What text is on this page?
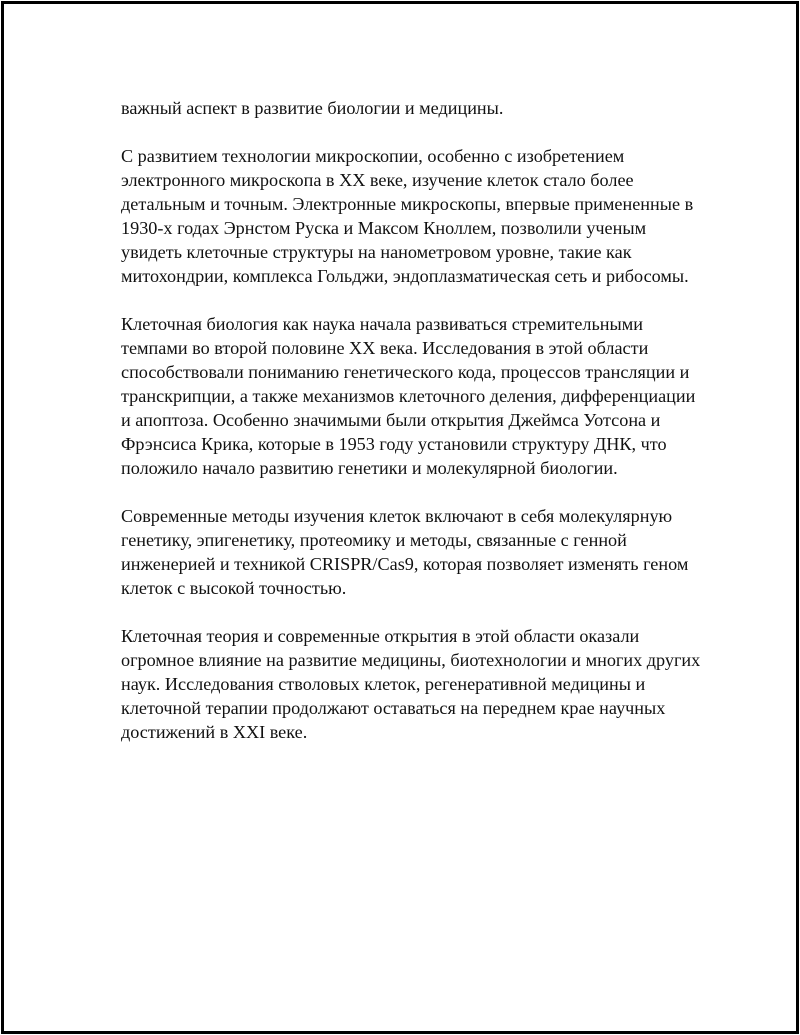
важный аспект в развитие биологии и медицины.

С развитием технологии микроскопии, особенно с изобретением электронного микроскопа в XX веке, изучение клеток стало более детальным и точным. Электронные микроскопы, впервые примененные в 1930-х годах Эрнстом Руска и Максом Кноллем, позволили ученым увидеть клеточные структуры на нанометровом уровне, такие как митохондрии, комплекса Гольджи, эндоплазматическая сеть и рибосомы.

Клеточная биология как наука начала развиваться стремительными темпами во второй половине XX века. Исследования в этой области способствовали пониманию генетического кода, процессов трансляции и транскрипции, а также механизмов клеточного деления, дифференциации и апоптоза. Особенно значимыми были открытия Джеймса Уотсона и Фрэнсиса Крика, которые в 1953 году установили структуру ДНК, что положило начало развитию генетики и молекулярной биологии.

Современные методы изучения клеток включают в себя молекулярную генетику, эпигенетику, протеомику и методы, связанные с генной инженерией и техникой CRISPR/Cas9, которая позволяет изменять геном клеток с высокой точностью.

Клеточная теория и современные открытия в этой области оказали огромное влияние на развитие медицины, биотехнологии и многих других наук. Исследования стволовых клеток, регенеративной медицины и клеточной терапии продолжают оставаться на переднем крае научных достижений в XXI веке.
